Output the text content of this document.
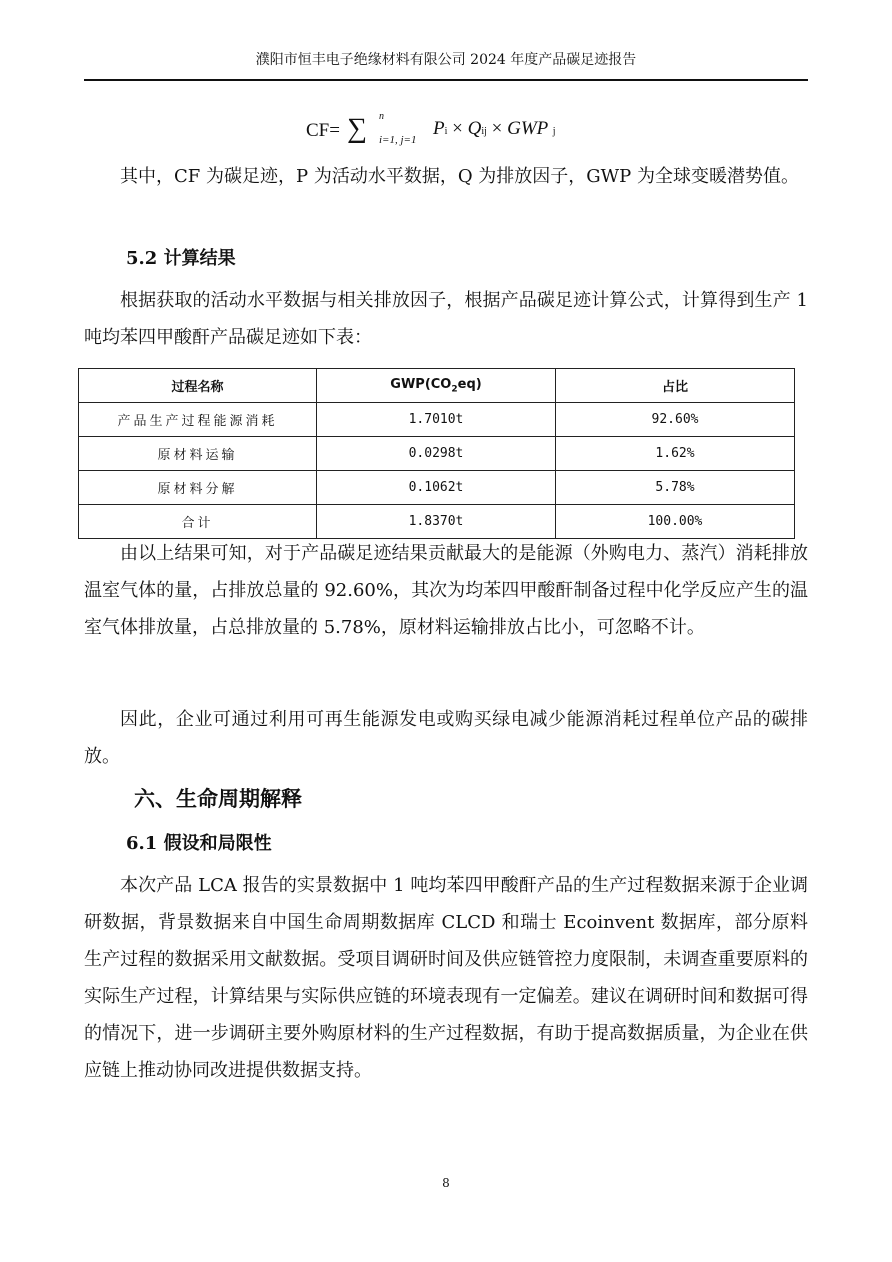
濮阳市恒丰电子绝缘材料有限公司 2024 年度产品碳足迹报告
CF= ∑ n
i=1, j=1
Pi × Qij × GWP j
其中，CF 为碳足迹，P 为活动水平数据，Q 为排放因子，GWP 为全球变暖潜势值。
5.2 计算结果
根据获取的活动水平数据与相关排放因子，根据产品碳足迹计算公式，计算得到生产 1 吨均苯四甲酸酐产品碳足迹如下表：
过程名称	$GWP(CO_2eq)$	占比
产品生产过程能源消耗	1.7010t	92.60%
原材料运输	0.0298t	1.62%
原材料分解	0.1062t	5.78%
合计	1.8370t	100.00%
由以上结果可知，对于产品碳足迹结果贡献最大的是能源（外购电力、蒸汽）消耗排放温室气体的量，占排放总量的 92.60%，其次为均苯四甲酸酐制备过程中化学反应产生的温室气体排放量，占总排放量的 5.78%，原材料运输排放占比小，可忽略不计。
因此，企业可通过利用可再生能源发电或购买绿电减少能源消耗过程单位产品的碳排放。
六、生命周期解释
6.1 假设和局限性
本次产品 LCA 报告的实景数据中 1 吨均苯四甲酸酐产品的生产过程数据来源于企业调研数据，背景数据来自中国生命周期数据库 CLCD 和瑞士 Ecoinvent 数据库，部分原料生产过程的数据采用文献数据。受项目调研时间及供应链管控力度限制，未调查重要原料的实际生产过程，计算结果与实际供应链的环境表现有一定偏差。建议在调研时间和数据可得的情况下，进一步调研主要外购原材料的生产过程数据，有助于提高数据质量，为企业在供应链上推动协同改进提供数据支持。
8
